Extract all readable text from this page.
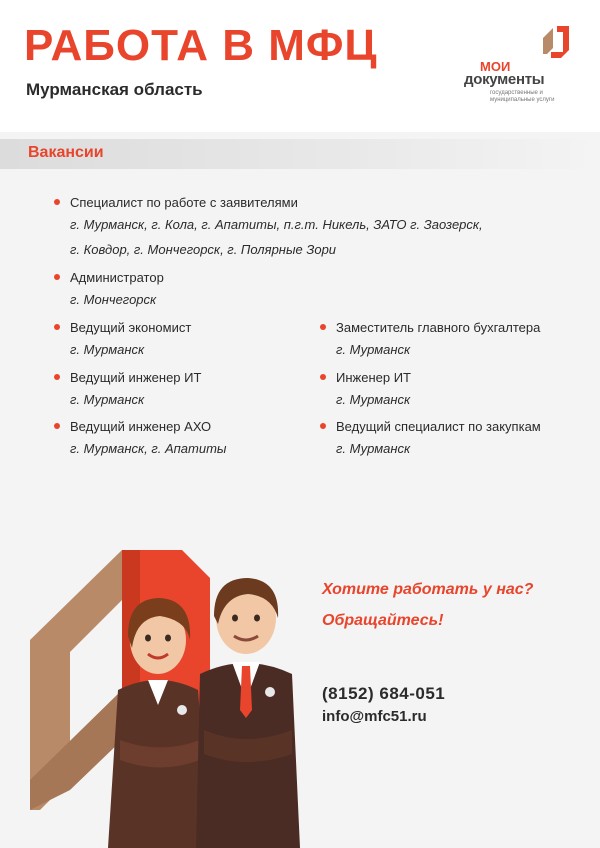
РАБОТА В МФЦ

Мурманская область

МОИ
документы
государственные и муниципальные услуги
Вакансии
Специалист по работе с заявителями
г. Мурманск, г. Кола, г. Апатиты, п.г.т. Никель, ЗАТО г. Заозерск,
г. Ковдор, г. Мончегорск, г. Полярные Зори
Администратор
г. Мончегорск
Ведущий экономист
г. Мурманск
Ведущий инженер ИТ
г. Мурманск
Ведущий инженер АХО
г. Мурманск, г. Апатиты
Заместитель главного бухгалтера
г. Мурманск
Инженер ИТ
г. Мурманск
Ведущий специалист по закупкам
г. Мурманск
Хотите работать у нас?
Обращайтесь!
(8152) 684-051
info@mfc51.ru
